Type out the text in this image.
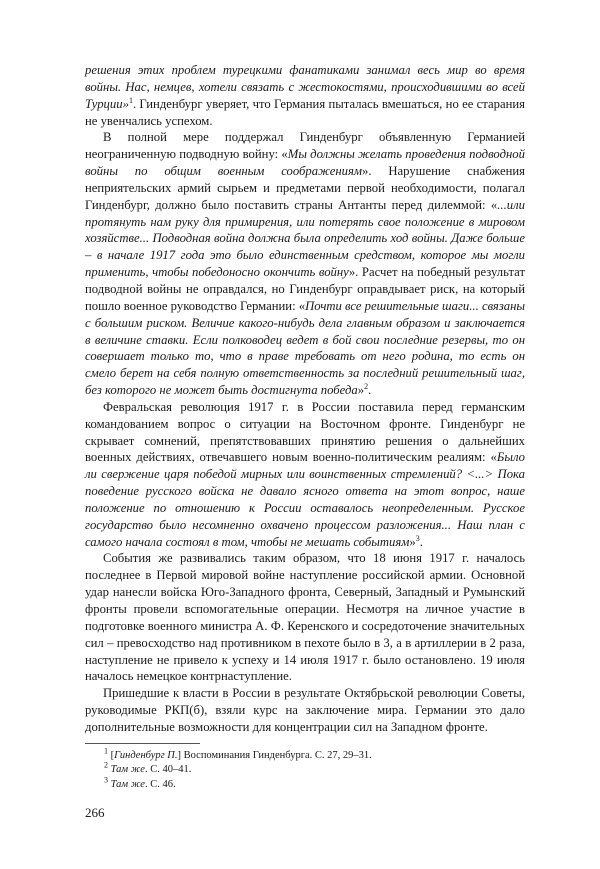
решения этих проблем турецкими фанатиками занимал весь мир во время войны. Нас, немцев, хотели связать с жестокостями, происходившими во всей Турции»$^1$. Гинденбург уверяет, что Германия пыталась вмешаться, но ее старания не увенчались успехом.

В полной мере поддержал Гинденбург объявленную Германией неограниченную подводную войну: «Мы должны желать проведения подводной войны по общим военным соображениям». Нарушение снабжения неприятельских армий сырьем и предметами первой необходимости, полагал Гинденбург, должно было поставить страны Антанты перед дилеммой: «...или протянуть нам руку для примирения, или потерять свое положение в мировом хозяйстве... Подводная война должна была определить ход войны. Даже больше – в начале 1917 года это было единственным средством, которое мы могли применить, чтобы победоносно окончить войну». Расчет на победный результат подводной войны не оправдался, но Гинденбург оправдывает риск, на который пошло военное руководство Германии: «Почти все решительные шаги... связаны с большим риском. Величие какого-нибудь дела главным образом и заключается в величине ставки. Если полководец ведет в бой свои последние резервы, то он совершает только то, что в праве требовать от него родина, то есть он смело берет на себя полную ответственность за последний решительный шаг, без которого не может быть достигнута победа»$^2$.

Февральская революция 1917 г. в России поставила перед германским командованием вопрос о ситуации на Восточном фронте. Гинденбург не скрывает сомнений, препятствовавших принятию решения о дальнейших военных действиях, отвечавшего новым военно-политическим реалиям: «Было ли свержение царя победой мирных или воинственных стремлений? <...> Пока поведение русского войска не давало ясного ответа на этот вопрос, наше положение по отношению к России оставалось неопределенным. Русское государство было несомненно охвачено процессом разложения... Наш план с самого начала состоял в том, чтобы не мешать событиям»$^3$.

События же развивались таким образом, что 18 июня 1917 г. началось последнее в Первой мировой войне наступление российской армии. Основной удар нанесли войска Юго-Западного фронта, Северный, Западный и Румынский фронты провели вспомогательные операции. Несмотря на личное участие в подготовке военного министра А. Ф. Керенского и сосредоточение значительных сил – превосходство над противником в пехоте было в 3, а в артиллерии в 2 раза, наступление не привело к успеху и 14 июля 1917 г. было остановлено. 19 июля началось немецкое контрнаступление.

Пришедшие к власти в России в результате Октябрьской революции Советы, руководимые РКП(б), взяли курс на заключение мира. Германии это дало дополнительные возможности для концентрации сил на Западном фронте.

$^1$ [Гинденбург П.] Воспоминания Гинденбурга. С. 27, 29–31.
$^2$ Там же. С. 40–41.
$^3$ Там же. С. 46.
266
